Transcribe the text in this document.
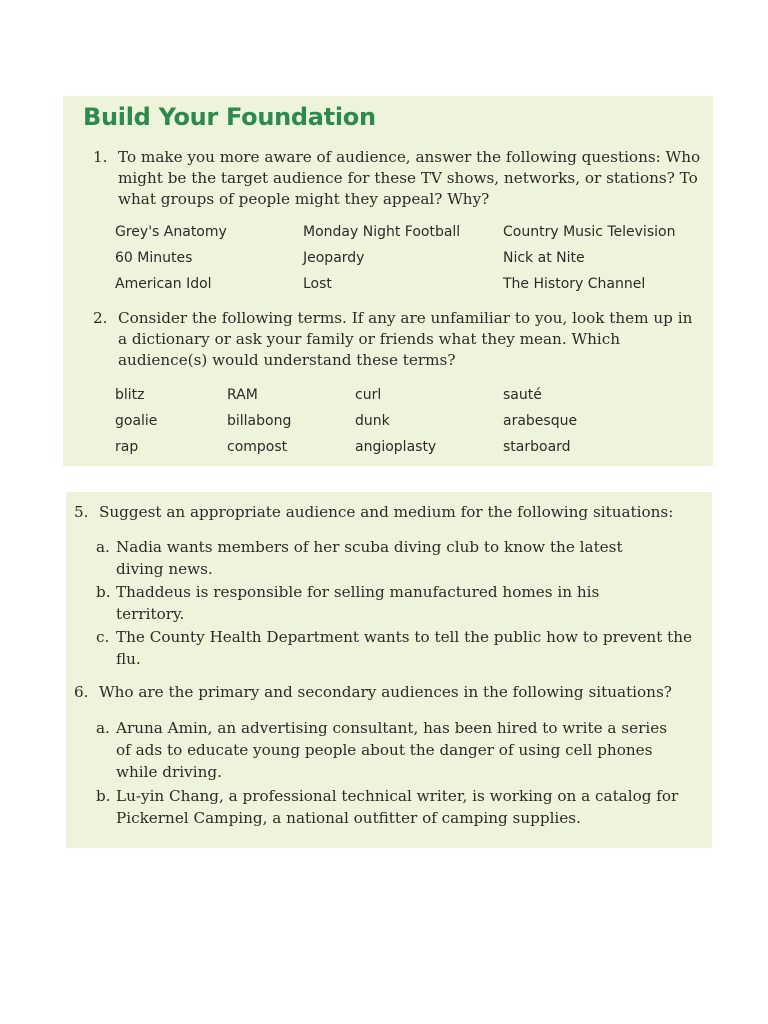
Build Your Foundation
1. To make you more aware of audience, answer the following questions: Who might be the target audience for these TV shows, networks, or stations? To what groups of people might they appeal? Why?
Grey's Anatomy	Monday Night Football	Country Music Television
60 Minutes	Jeopardy	Nick at Nite
American Idol	Lost	The History Channel
2. Consider the following terms. If any are unfamiliar to you, look them up in a dictionary or ask your family or friends what they mean. Which audience(s) would understand these terms?
blitz	RAM	curl	sauté
goalie	billabong	dunk	arabesque
rap	compost	angioplasty	starboard
5. Suggest an appropriate audience and medium for the following situations:
a. Nadia wants members of her scuba diving club to know the latest diving news.
b. Thaddeus is responsible for selling manufactured homes in his territory.
c. The County Health Department wants to tell the public how to prevent the flu.
6. Who are the primary and secondary audiences in the following situations?
a. Aruna Amin, an advertising consultant, has been hired to write a series of ads to educate young people about the danger of using cell phones while driving.
b. Lu-yin Chang, a professional technical writer, is working on a catalog for Pickernel Camping, a national outfitter of camping supplies.
